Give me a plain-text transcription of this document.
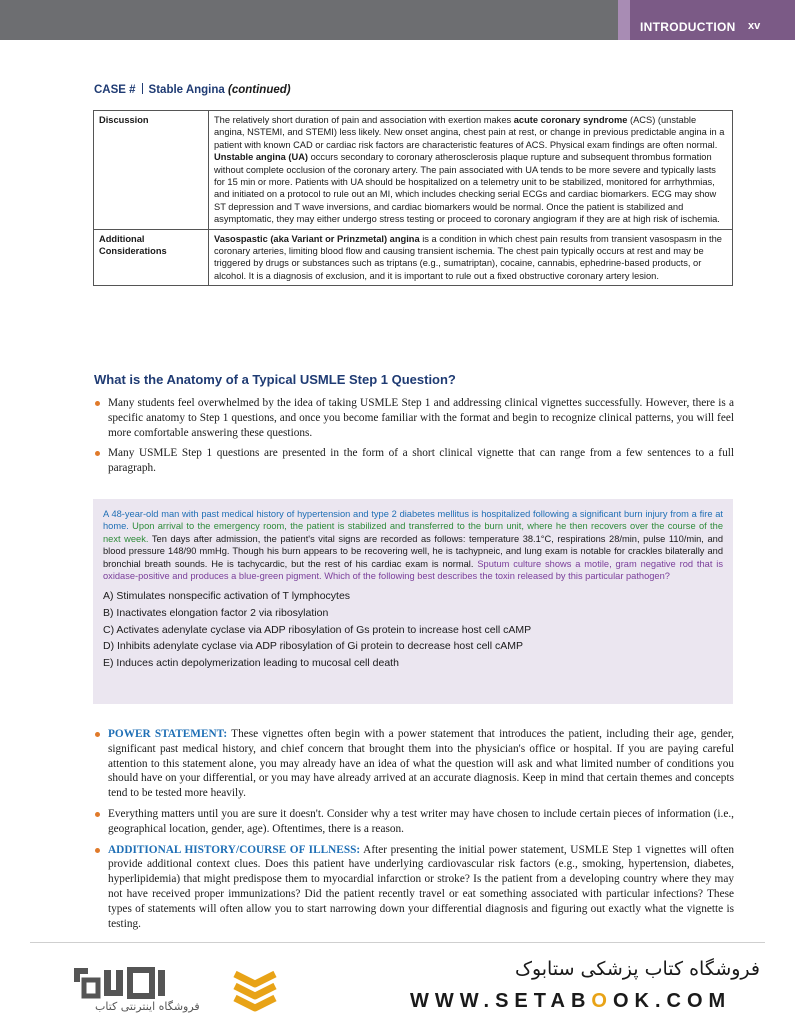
INTRODUCTION xv
CASE # Stable Angina (continued)
Discussion	The relatively short duration of pain and association with exertion makes acute coronary syndrome (ACS) (unstable angina, NSTEMI, and STEMI) less likely. New onset angina, chest pain at rest, or change in previous predictable angina in a patient with known CAD or cardiac risk factors are characteristic features of ACS. Physical exam findings are often normal.
Unstable angina (UA) occurs secondary to coronary atherosclerosis plaque rupture and subsequent thrombus formation without complete occlusion of the coronary artery. The pain associated with UA tends to be more severe and typically lasts for 15 min or more. Patients with UA should be hospitalized on a telemetry unit to be stabilized, monitored for arrhythmias, and initiated on a protocol to rule out an MI, which includes checking serial ECGs and cardiac biomarkers. ECG may show ST depression and T wave inversions, and cardiac biomarkers would be normal. Once the patient is stabilized and asymptomatic, they may either undergo stress testing or proceed to coronary angiogram if they are at high risk of ischemia.
Additional Considerations	Vasospastic (aka Variant or Prinzmetal) angina is a condition in which chest pain results from transient vasospasm in the coronary arteries, limiting blood flow and causing transient ischemia. The chest pain typically occurs at rest and may be triggered by drugs or substances such as triptans (e.g., sumatriptan), cocaine, cannabis, ephedrine-based products, or alcohol. It is a diagnosis of exclusion, and it is important to rule out a fixed obstructive coronary artery lesion.
What is the Anatomy of a Typical USMLE Step 1 Question?
Many students feel overwhelmed by the idea of taking USMLE Step 1 and addressing clinical vignettes successfully. However, there is a specific anatomy to Step 1 questions, and once you become familiar with the format and begin to recognize clinical patterns, you will feel more comfortable answering these questions.
Many USMLE Step 1 questions are presented in the form of a short clinical vignette that can range from a few sentences to a full paragraph.
A 48-year-old man with past medical history of hypertension and type 2 diabetes mellitus is hospitalized following a significant burn injury from a fire at home. Upon arrival to the emergency room, the patient is stabilized and transferred to the burn unit, where he then recovers over the course of the next week. Ten days after admission, the patient's vital signs are recorded as follows: temperature 38.1°C, respirations 28/min, pulse 110/min, and blood pressure 148/90 mmHg. Though his burn appears to be recovering well, he is tachypneic, and lung exam is notable for crackles bilaterally and bronchial breath sounds. He is tachycardic, but the rest of his cardiac exam is normal. Sputum culture shows a motile, gram negative rod that is oxidase-positive and produces a blue-green pigment. Which of the following best describes the toxin released by this particular pathogen?
A) Stimulates nonspecific activation of T lymphocytes
B) Inactivates elongation factor 2 via ribosylation
C) Activates adenylate cyclase via ADP ribosylation of Gs protein to increase host cell cAMP
D) Inhibits adenylate cyclase via ADP ribosylation of Gi protein to decrease host cell cAMP
E) Induces actin depolymerization leading to mucosal cell death
POWER STATEMENT: These vignettes often begin with a power statement that introduces the patient, including their age, gender, significant past medical history, and chief concern that brought them into the physician's office or hospital. If you are paying careful attention to this statement alone, you may already have an idea of what the question will ask and what limited number of conditions you should have on your differential, or you may have already arrived at an accurate diagnosis. Keep in mind that certain themes and concepts tend to be tested more heavily.
Everything matters until you are sure it doesn't. Consider why a test writer may have chosen to include certain pieces of information (i.e., geographical location, gender, age). Oftentimes, there is a reason.
ADDITIONAL HISTORY/COURSE OF ILLNESS: After presenting the initial power statement, USMLE Step 1 vignettes will often provide additional context clues. Does this patient have underlying cardiovascular risk factors (e.g., smoking, hypertension, diabetes, hyperlipidemia) that might predispose them to myocardial infarction or stroke? Is the patient from a developing country where they may not have received proper immunizations? Did the patient recently travel or eat something associated with particular infections? These types of statements will often allow you to start narrowing down your differential diagnosis and figuring out exactly what the vignette is testing.
فروشگاه اینترنتی کتاب
فروشگاه کتاب پزشکی ستابوک
WWW.SETABOOK.COM
